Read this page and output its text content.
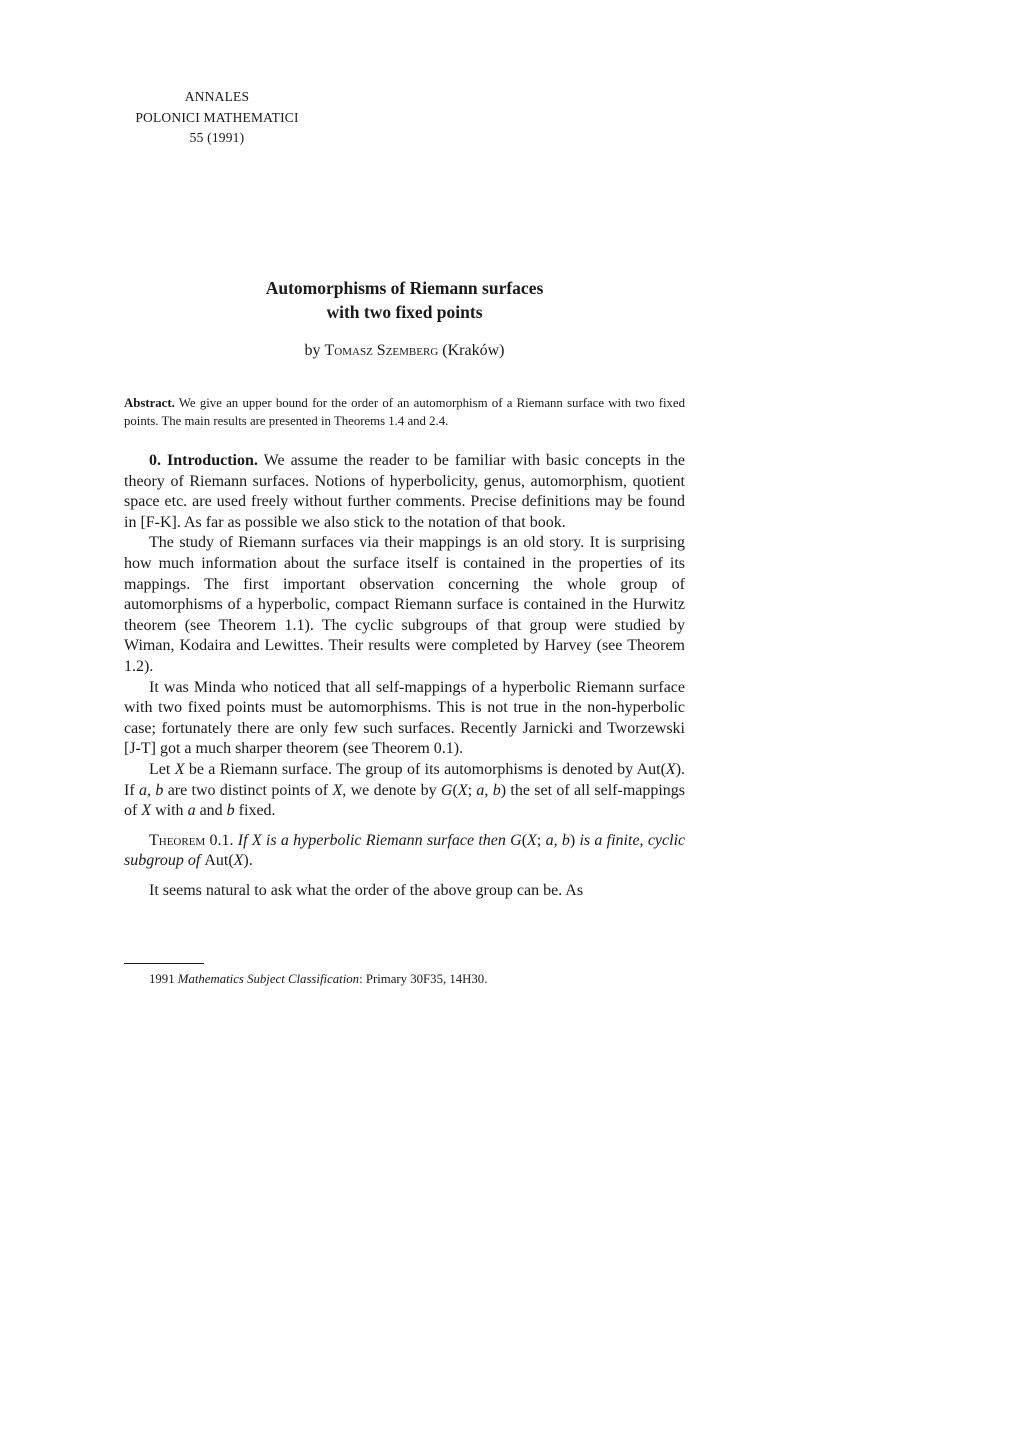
ANNALES
POLONICI MATHEMATICI
55 (1991)
Automorphisms of Riemann surfaces
with two fixed points
by Tomasz Szemberg (Kraków)
Abstract. We give an upper bound for the order of an automorphism of a Riemann surface with two fixed points. The main results are presented in Theorems 1.4 and 2.4.

0. Introduction. We assume the reader to be familiar with basic concepts in the theory of Riemann surfaces. Notions of hyperbolicity, genus, automorphism, quotient space etc. are used freely without further comments. Precise definitions may be found in [F-K]. As far as possible we also stick to the notation of that book.

The study of Riemann surfaces via their mappings is an old story. It is surprising how much information about the surface itself is contained in the properties of its mappings. The first important observation concerning the whole group of automorphisms of a hyperbolic, compact Riemann surface is contained in the Hurwitz theorem (see Theorem 1.1). The cyclic subgroups of that group were studied by Wiman, Kodaira and Lewittes. Their results were completed by Harvey (see Theorem 1.2).

It was Minda who noticed that all self-mappings of a hyperbolic Riemann surface with two fixed points must be automorphisms. This is not true in the non-hyperbolic case; fortunately there are only few such surfaces. Recently Jarnicki and Tworzewski [J-T] got a much sharper theorem (see Theorem 0.1).

Let X be a Riemann surface. The group of its automorphisms is denoted by Aut(X). If a, b are two distinct points of X, we denote by G(X; a, b) the set of all self-mappings of X with a and b fixed.

Theorem 0.1. If X is a hyperbolic Riemann surface then G(X; a, b) is a finite, cyclic subgroup of Aut(X).

It seems natural to ask what the order of the above group can be. As

1991 Mathematics Subject Classification: Primary 30F35, 14H30.
